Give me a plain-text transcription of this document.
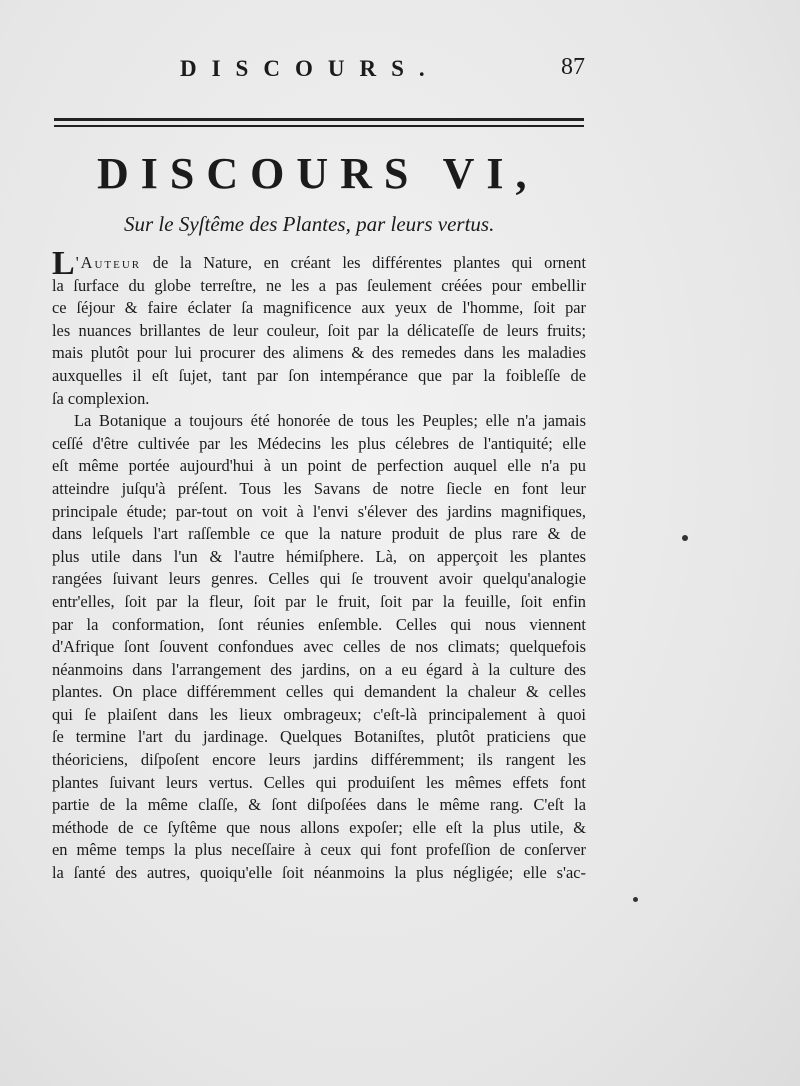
DISCOURS.	87
DISCOURS VI,
Sur le Syſtême des Plantes, par leurs vertus.
L'Auteur de la Nature, en créant les différentes plantes qui ornent
la ſurface du globe terreſtre, ne les a pas ſeulement créées pour embellir
ce ſéjour & faire éclater ſa magnificence aux yeux de l'homme, ſoit par
les nuances brillantes de leur couleur, ſoit par la délicateſſe de leurs fruits;
mais plutôt pour lui procurer des alimens & des remedes dans les maladies
auxquelles il eſt ſujet, tant par ſon intempérance que par la foibleſſe de
ſa complexion.
La Botanique a toujours été honorée de tous les Peuples; elle n'a jamais
ceſſé d'être cultivée par les Médecins les plus célebres de l'antiquité; elle
eſt même portée aujourd'hui à un point de perfection auquel elle n'a pu
atteindre juſqu'à préſent. Tous les Savans de notre ſiecle en font leur
principale étude; par-tout on voit à l'envi s'élever des jardins magnifiques,
dans leſquels l'art raſſemble ce que la nature produit de plus rare & de
plus utile dans l'un & l'autre hémiſphere. Là, on apperçoit les plantes
rangées ſuivant leurs genres. Celles qui ſe trouvent avoir quelqu'analogie
entr'elles, ſoit par la fleur, ſoit par le fruit, ſoit par la feuille, ſoit enfin
par la conformation, ſont réunies enſemble. Celles qui nous viennent
d'Afrique ſont ſouvent confondues avec celles de nos climats; quelquefois
néanmoins dans l'arrangement des jardins, on a eu égard à la culture des
plantes. On place différemment celles qui demandent la chaleur & celles
qui ſe plaiſent dans les lieux ombrageux; c'eſt-là principalement à quoi
ſe termine l'art du jardinage. Quelques Botaniſtes, plutôt praticiens que
théoriciens, diſpoſent encore leurs jardins différemment; ils rangent les
plantes ſuivant leurs vertus. Celles qui produiſent les mêmes effets font
partie de la même claſſe, & ſont diſpoſées dans le même rang. C'eſt la
méthode de ce ſyſtême que nous allons expoſer; elle eſt la plus utile, &
en même temps la plus neceſſaire à ceux qui font profeſſion de conſerver
la ſanté des autres, quoiqu'elle ſoit néanmoins la plus négligée; elle s'ac-
